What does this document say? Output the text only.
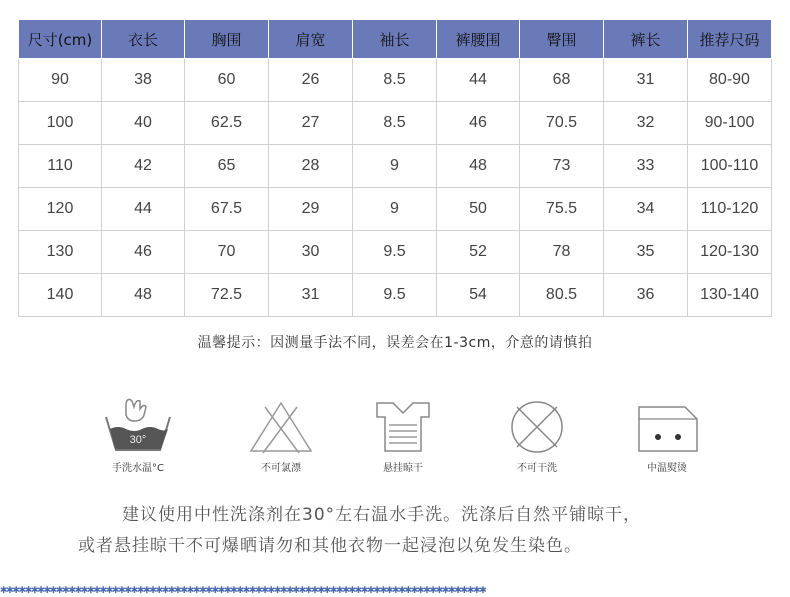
尺寸(cm)	衣长	胸围	肩宽	袖长	裤腰围	臀围	裤长	推荐尺码
90	38	60	26	8.5	44	68	31	80-90
100	40	62.5	27	8.5	46	70.5	32	90-100
110	42	65	28	9	48	73	33	100-110
120	44	67.5	29	9	50	75.5	34	110-120
130	46	70	30	9.5	52	78	35	120-130
140	48	72.5	31	9.5	54	80.5	36	130-140
温馨提示：因测量手法不同，误差会在1-3cm，介意的请慎拍
30°
手洗水温°C	不可氯漂	悬挂晾干	不可干洗	中温熨烫
建议使用中性洗涤剂在30°左右温水手洗。洗涤后自然平铺晾干，
或者悬挂晾干不可爆晒请勿和其他衣物一起浸泡以免发生染色。
✱✱✱✱✱✱✱✱✱✱✱✱✱✱✱✱✱✱✱✱✱✱✱✱✱✱✱✱✱✱✱✱✱✱✱✱✱✱✱✱✱✱✱✱✱✱✱✱✱✱✱✱✱✱✱✱✱✱✱✱✱✱✱✱✱✱✱✱✱✱✱✱✱✱✱✱✱✱
